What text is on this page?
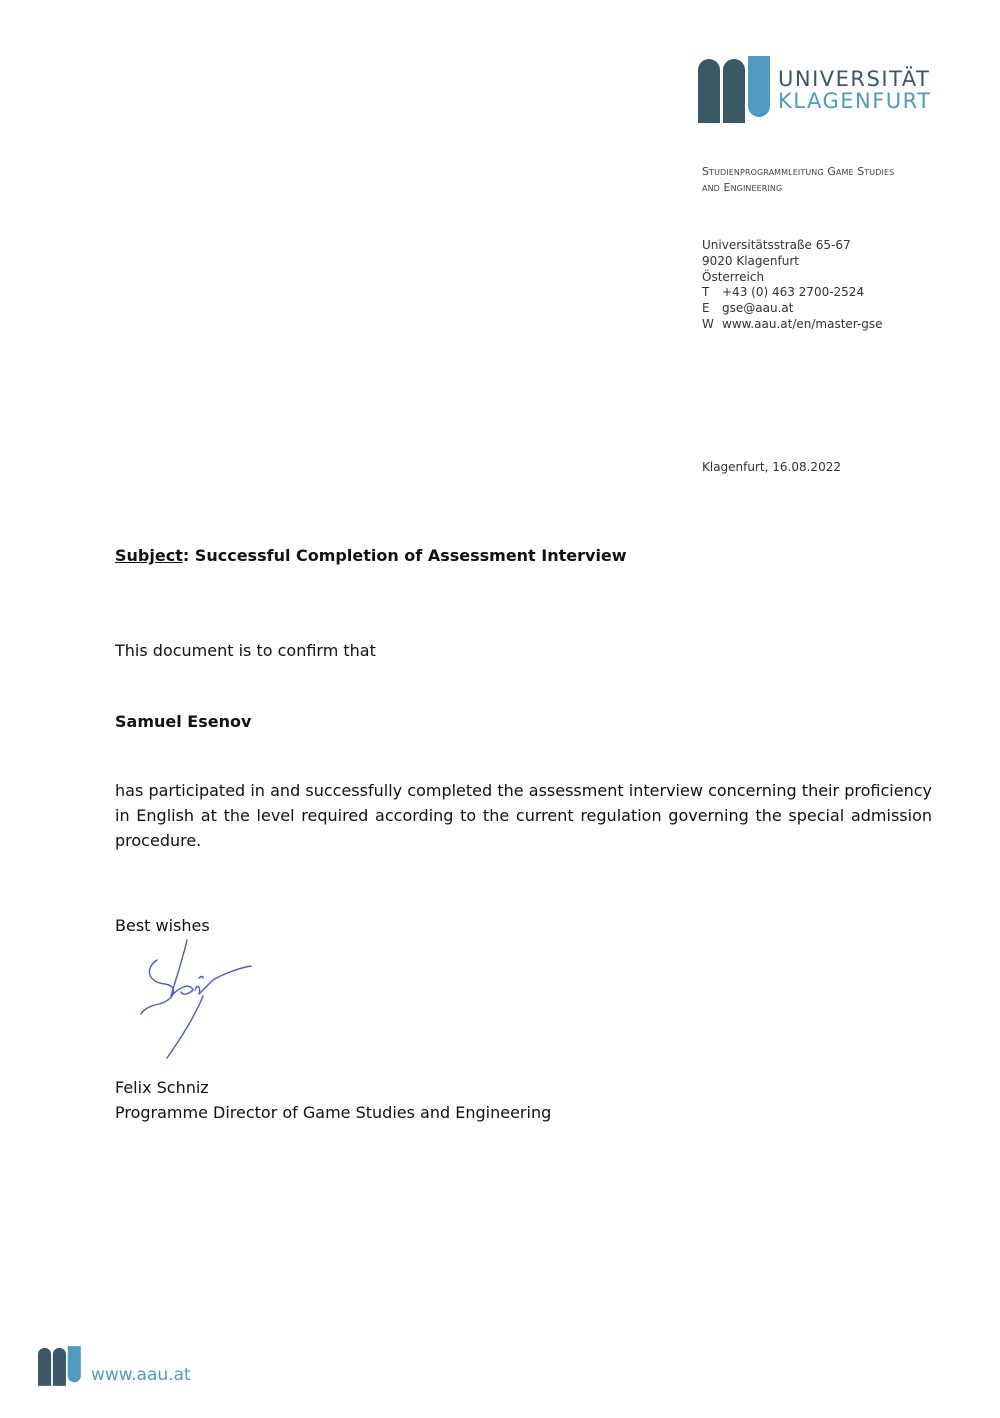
UNIVERSITÄT
KLAGENFURT
Studienprogrammleitung Game Studies
and Engineering
Universitätsstraße 65-67
9020 Klagenfurt
Österreich
T +43 (0) 463 2700-2524
E gse@aau.at
W www.aau.at/en/master-gse
Klagenfurt, 16.08.2022
Subject: Successful Completion of Assessment Interview
This document is to confirm that
Samuel Esenov
has participated in and successfully completed the assessment interview concerning their proficiency in English at the level required according to the current regulation governing the special admission procedure.
Best wishes
Felix Schniz
Programme Director of Game Studies and Engineering
www.aau.at
